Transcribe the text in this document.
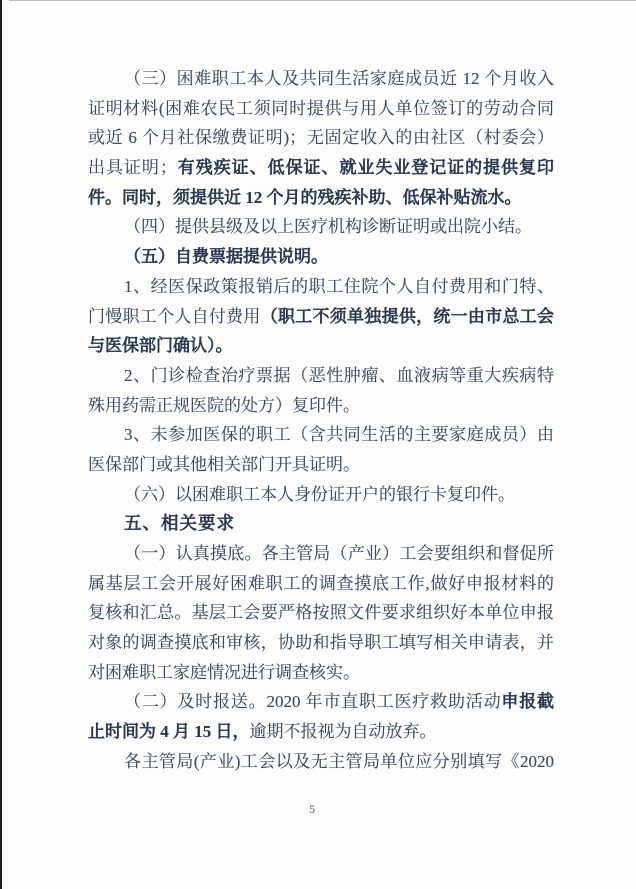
（三）困难职工本人及共同生活家庭成员近 12 个月收入
证明材料(困难农民工须同时提供与用人单位签订的劳动合同
或近 6 个月社保缴费证明)；无固定收入的由社区（村委会）
出具证明；有残疾证、低保证、就业失业登记证的提供复印
件。同时，须提供近 12 个月的残疾补助、低保补贴流水。
（四）提供县级及以上医疗机构诊断证明或出院小结。
（五）自费票据提供说明。
1、经医保政策报销后的职工住院个人自付费用和门特、
门慢职工个人自付费用（职工不须单独提供，统一由市总工会
与医保部门确认）。
2、门诊检查治疗票据（恶性肿瘤、血液病等重大疾病特
殊用药需正规医院的处方）复印件。
3、未参加医保的职工（含共同生活的主要家庭成员）由
医保部门或其他相关部门开具证明。
（六）以困难职工本人身份证开户的银行卡复印件。
五、相关要求
（一）认真摸底。各主管局（产业）工会要组织和督促所
属基层工会开展好困难职工的调查摸底工作,做好申报材料的
复核和汇总。基层工会要严格按照文件要求组织好本单位申报
对象的调查摸底和审核，协助和指导职工填写相关申请表，并
对困难职工家庭情况进行调查核实。
（二）及时报送。2020 年市直职工医疗救助活动申报截
止时间为 4 月 15 日，逾期不报视为自动放弃。
各主管局(产业)工会以及无主管局单位应分别填写《2020
5
